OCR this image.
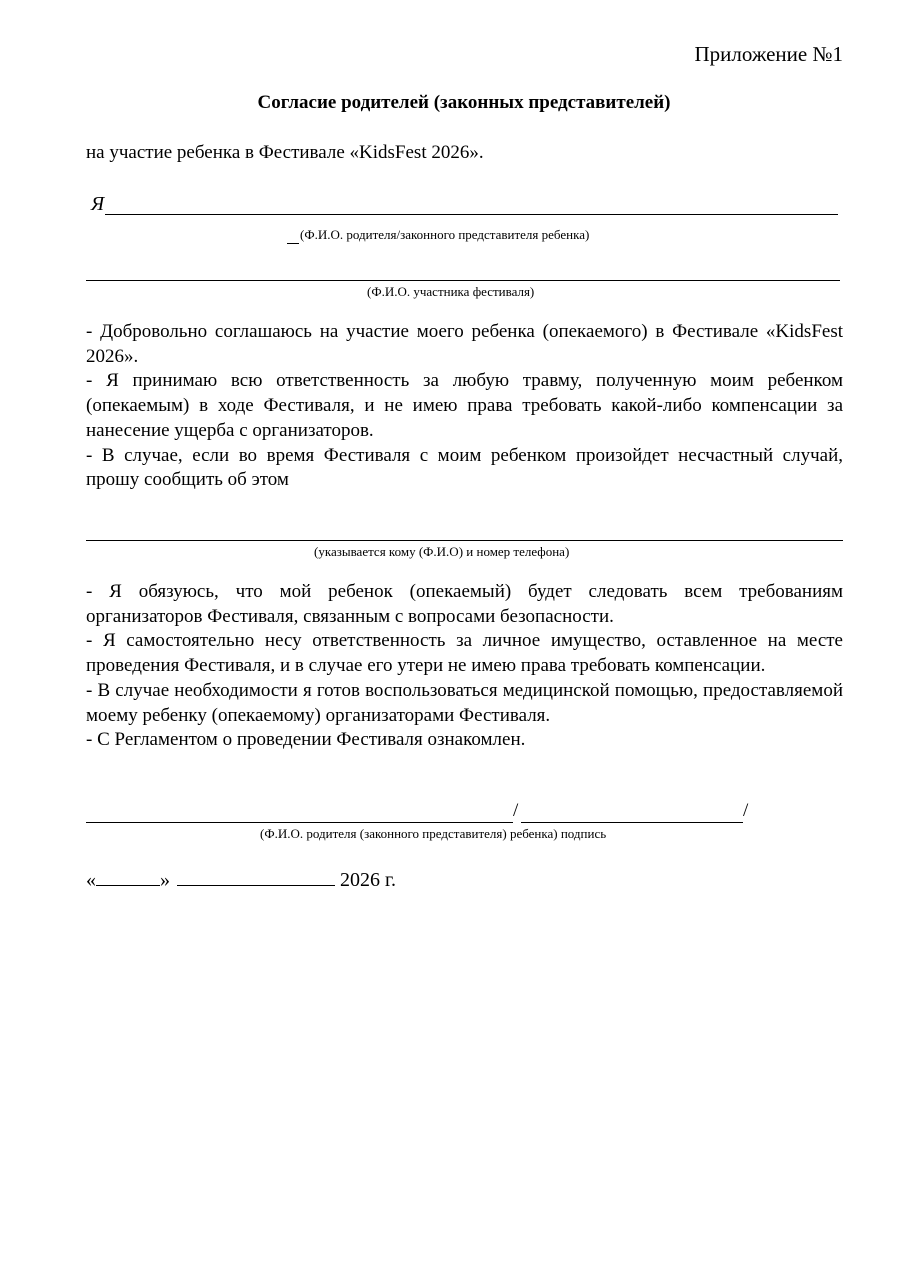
Приложение №1
Согласие родителей (законных представителей)
на участие ребенка в Фестивале «KidsFest 2026».
Я
(Ф.И.О. родителя/законного представителя ребенка)
(Ф.И.О. участника фестиваля)

- Добровольно соглашаюсь на участие моего ребенка (опекаемого) в Фестивале «KidsFest 2026».

- Я принимаю всю ответственность за любую травму, полученную моим ребенком (опекаемым) в ходе Фестиваля, и не имею права требовать какой-либо компенсации за нанесение ущерба с организаторов.

- В случае, если во время Фестиваля с моим ребенком произойдет несчастный случай, прошу сообщить об этом

(указывается кому (Ф.И.О) и номер телефона)

- Я обязуюсь, что мой ребенок (опекаемый) будет следовать всем требованиям организаторов Фестиваля, связанным с вопросами безопасности.

- Я самостоятельно несу ответственность за личное имущество, оставленное на месте проведения Фестиваля, и в случае его утери не имею права требовать компенсации.

- В случае необходимости я готов воспользоваться медицинской помощью, предоставляемой моему ребенку (опекаемому) организаторами Фестиваля.

- С Регламентом о проведении Фестиваля ознакомлен.

/	/
(Ф.И.О. родителя (законного представителя) ребенка) подпись
«	»	2026 г.
